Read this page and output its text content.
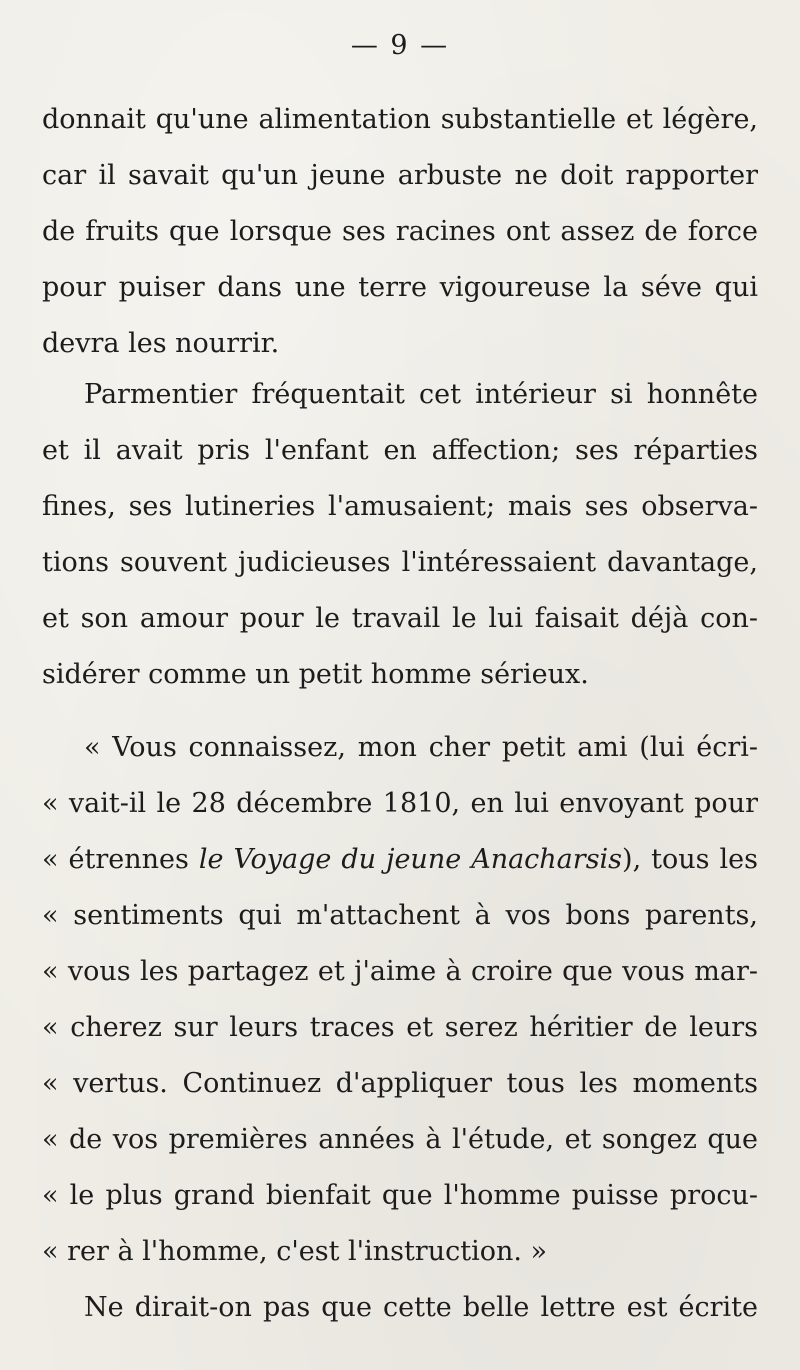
— 9 —
donnait qu'une alimentation substantielle et légère,
car il savait qu'un jeune arbuste ne doit rapporter
de fruits que lorsque ses racines ont assez de force
pour puiser dans une terre vigoureuse la séve qui
devra les nourrir.
Parmentier fréquentait cet intérieur si honnête
et il avait pris l'enfant en affection; ses réparties
fines, ses lutineries l'amusaient; mais ses observa-
tions souvent judicieuses l'intéressaient davantage,
et son amour pour le travail le lui faisait déjà con-
sidérer comme un petit homme sérieux.
« Vous connaissez, mon cher petit ami (lui écri-
« vait-il le 28 décembre 1810, en lui envoyant pour
« étrennes le Voyage du jeune Anacharsis), tous les
« sentiments qui m'attachent à vos bons parents,
« vous les partagez et j'aime à croire que vous mar-
« cherez sur leurs traces et serez héritier de leurs
« vertus. Continuez d'appliquer tous les moments
« de vos premières années à l'étude, et songez que
« le plus grand bienfait que l'homme puisse procu-
« rer à l'homme, c'est l'instruction. »
Ne dirait-on pas que cette belle lettre est écrite
